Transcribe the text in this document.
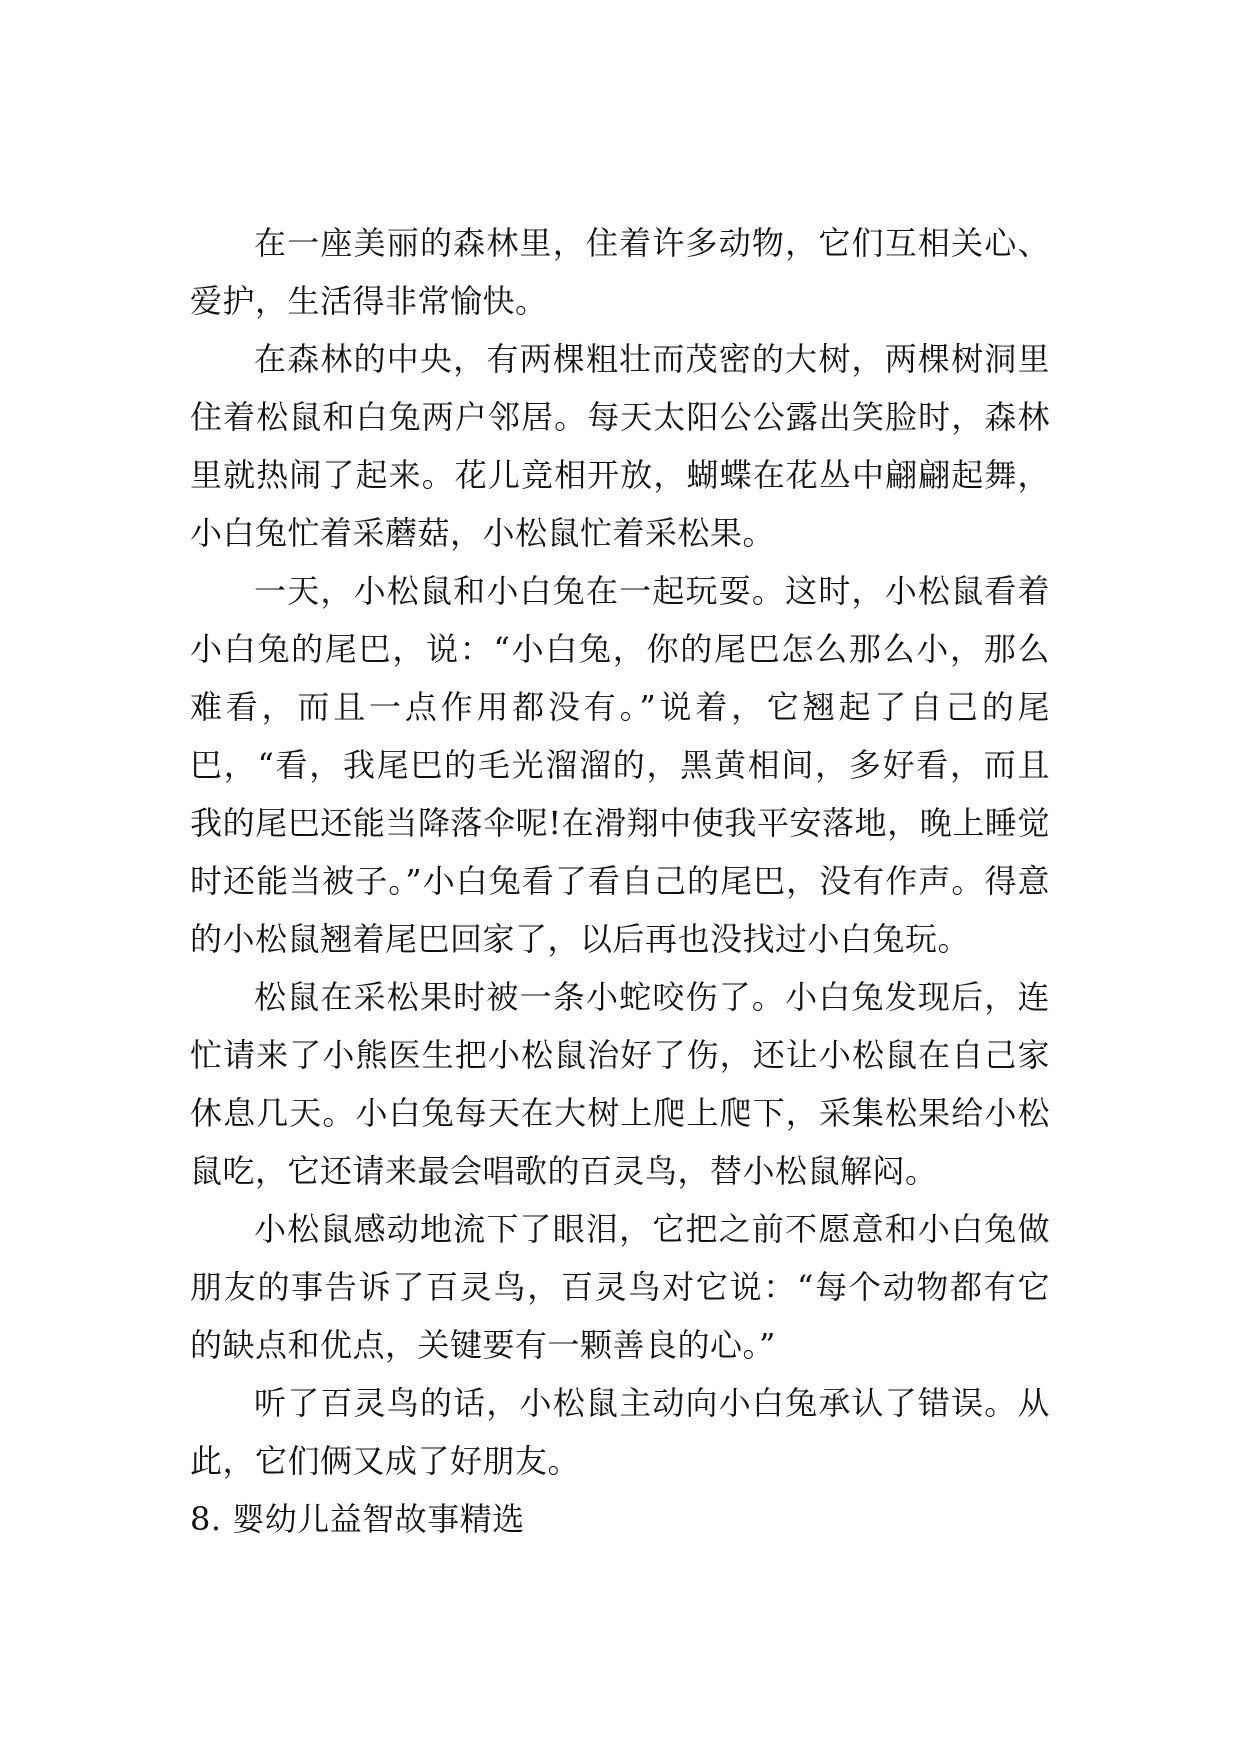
在一座美丽的森林里，住着许多动物，它们互相关心、爱护，生活得非常愉快。

在森林的中央，有两棵粗壮而茂密的大树，两棵树洞里住着松鼠和白兔两户邻居。每天太阳公公露出笑脸时，森林里就热闹了起来。花儿竞相开放，蝴蝶在花丛中翩翩起舞，小白兔忙着采蘑菇，小松鼠忙着采松果。

一天，小松鼠和小白兔在一起玩耍。这时，小松鼠看着小白兔的尾巴，说：“小白兔，你的尾巴怎么那么小，那么难看，而且一点作用都没有。”说着，它翘起了自己的尾巴，“看，我尾巴的毛光溜溜的，黑黄相间，多好看，而且我的尾巴还能当降落伞呢!在滑翔中使我平安落地，晚上睡觉时还能当被子。”小白兔看了看自己的尾巴，没有作声。得意的小松鼠翘着尾巴回家了，以后再也没找过小白兔玩。

松鼠在采松果时被一条小蛇咬伤了。小白兔发现后，连忙请来了小熊医生把小松鼠治好了伤，还让小松鼠在自己家休息几天。小白兔每天在大树上爬上爬下，采集松果给小松鼠吃，它还请来最会唱歌的百灵鸟，替小松鼠解闷。

小松鼠感动地流下了眼泪，它把之前不愿意和小白兔做朋友的事告诉了百灵鸟，百灵鸟对它说：“每个动物都有它的缺点和优点，关键要有一颗善良的心。”

听了百灵鸟的话，小松鼠主动向小白兔承认了错误。从此，它们俩又成了好朋友。

8. 婴幼儿益智故事精选
